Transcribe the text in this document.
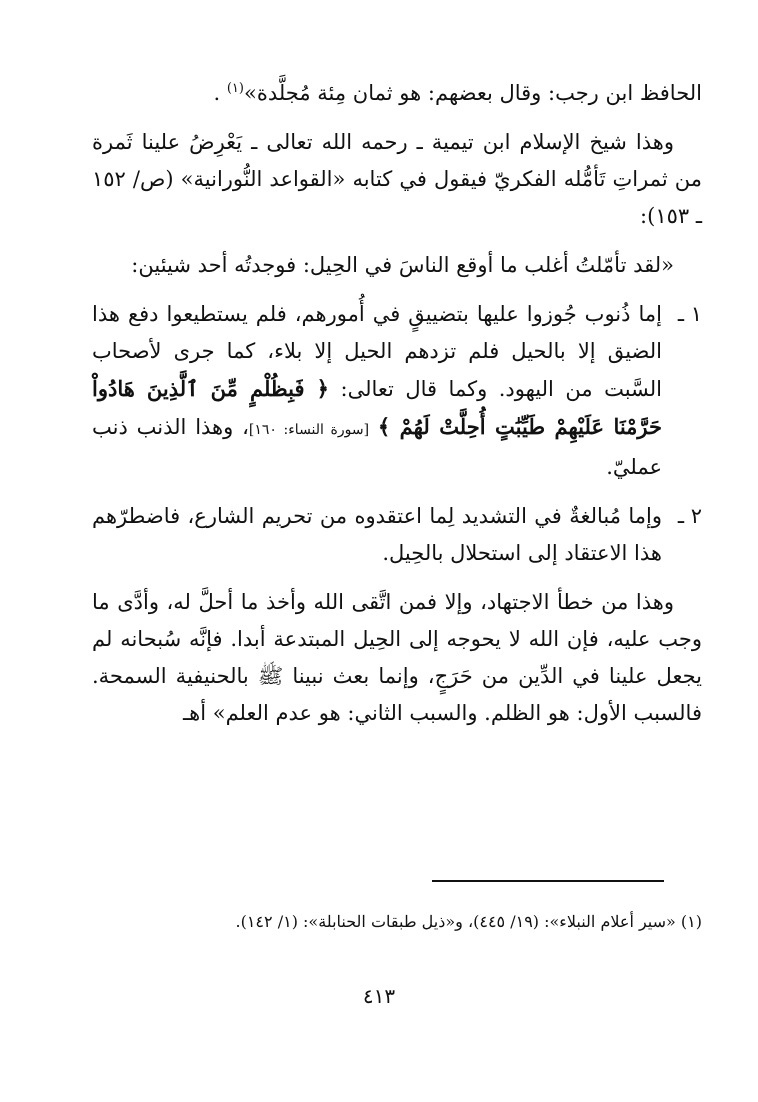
الحافظ ابن رجب: وقال بعضهم: هو ثمان مِئة مُجلَّدة»$^{(١)}$ .

وهذا شيخ الإسلام ابن تيمية ـ رحمه الله تعالى ـ يَعْرِضُ علينا ثَمرة من ثمراتِ تَأمُّله الفكريّ فيقول في كتابه «القواعد النُّورانية» (ص/ ١٥٢ ـ ١٥٣):

«لقد تأمّلتُ أغلب ما أوقع الناسَ في الحِيل: فوجدتُه أحد شيئين:

١ ـ
إما ذُنوب جُوزوا عليها بتضييقٍ في أُمورهم، فلم يستطيعوا دفع هذا الضيق إلا بالحيل فلم تزدهم الحيل إلا بلاء، كما جرى لأصحاب السَّبت من اليهود. وكما قال تعالى: ﴿ فَبِظُلْمٍ مِّنَ ٱلَّذِينَ هَادُواْ حَرَّمْنَا عَلَيْهِمْ طَيِّبَٰتٍ أُحِلَّتْ لَهُمْ ﴾ [سورة النساء: ١٦٠]، وهذا الذنب ذنب عمليّ.
٢ ـ
وإما مُبالغةٌ في التشديد لِما اعتقدوه من تحريم الشارع، فاضطرّهم هذا الاعتقاد إلى استحلال بالحِيل.

وهذا من خطأ الاجتهاد، وإلا فمن اتَّقى الله وأخذ ما أحلَّ له، وأدَّى ما وجب عليه، فإن الله لا يحوجه إلى الحِيل المبتدعة أبدا. فإنَّه سُبحانه لم يجعل علينا في الدِّين من حَرَجٍ، وإنما بعث نبينا ﷺ بالحنيفية السمحة. فالسبب الأول: هو الظلم. والسبب الثاني: هو عدم العلم» أهـ

(١) «سير أعلام النبلاء»: (١٩/ ٤٤٥)، و«ذيل طبقات الحنابلة»: (١/ ١٤٢).
٤١٣
